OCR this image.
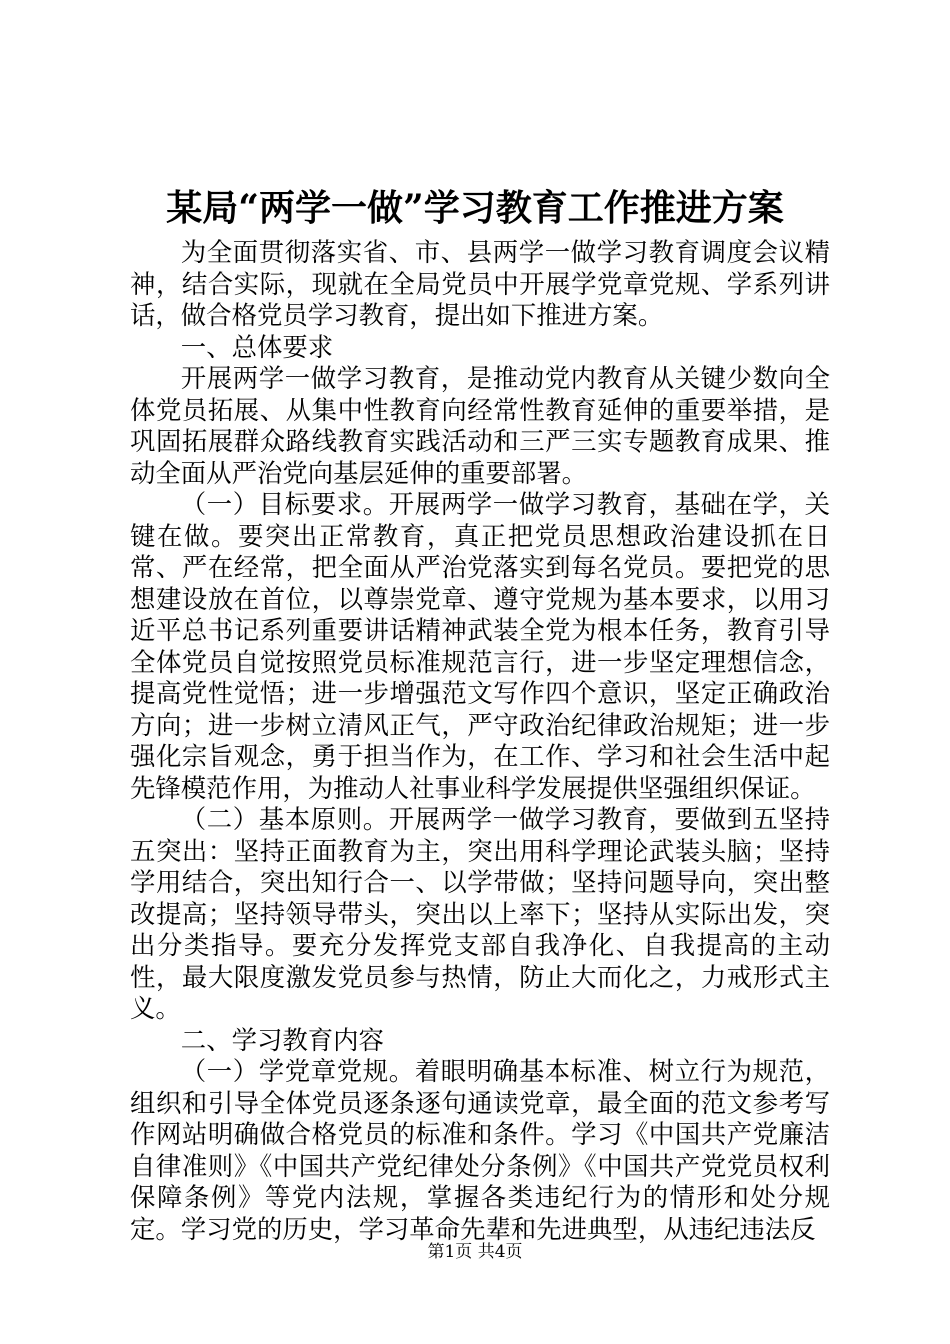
某局“两学一做”学习教育工作推进方案

为全面贯彻落实省、市、县两学一做学习教育调度会议精神，结合实际，现就在全局党员中开展学党章党规、学系列讲话，做合格党员学习教育，提出如下推进方案。

一、总体要求

开展两学一做学习教育，是推动党内教育从关键少数向全体党员拓展、从集中性教育向经常性教育延伸的重要举措，是巩固拓展群众路线教育实践活动和三严三实专题教育成果、推动全面从严治党向基层延伸的重要部署。

（一）目标要求。开展两学一做学习教育，基础在学，关键在做。要突出正常教育，真正把党员思想政治建设抓在日常、严在经常，把全面从严治党落实到每名党员。要把党的思想建设放在首位，以尊崇党章、遵守党规为基本要求，以用习近平总书记系列重要讲话精神武装全党为根本任务，教育引导全体党员自觉按照党员标准规范言行，进一步坚定理想信念，提高党性觉悟；进一步增强范文写作四个意识，坚定正确政治方向；进一步树立清风正气，严守政治纪律政治规矩；进一步强化宗旨观念，勇于担当作为，在工作、学习和社会生活中起先锋模范作用，为推动人社事业科学发展提供坚强组织保证。

（二）基本原则。开展两学一做学习教育，要做到五坚持五突出：坚持正面教育为主，突出用科学理论武装头脑；坚持学用结合，突出知行合一、以学带做；坚持问题导向，突出整改提高；坚持领导带头，突出以上率下；坚持从实际出发，突出分类指导。要充分发挥党支部自我净化、自我提高的主动性，最大限度激发党员参与热情，防止大而化之，力戒形式主义。

二、学习教育内容

（一）学党章党规。着眼明确基本标准、树立行为规范，组织和引导全体党员逐条逐句通读党章，最全面的范文参考写作网站明确做合格党员的标准和条件。学习《中国共产党廉洁自律准则》《中国共产党纪律处分条例》《中国共产党党员权利保障条例》等党内法规，掌握各类违纪行为的情形和处分规定。学习党的历史，学习革命先辈和先进典型，从违纪违法反

第1页 共4页
